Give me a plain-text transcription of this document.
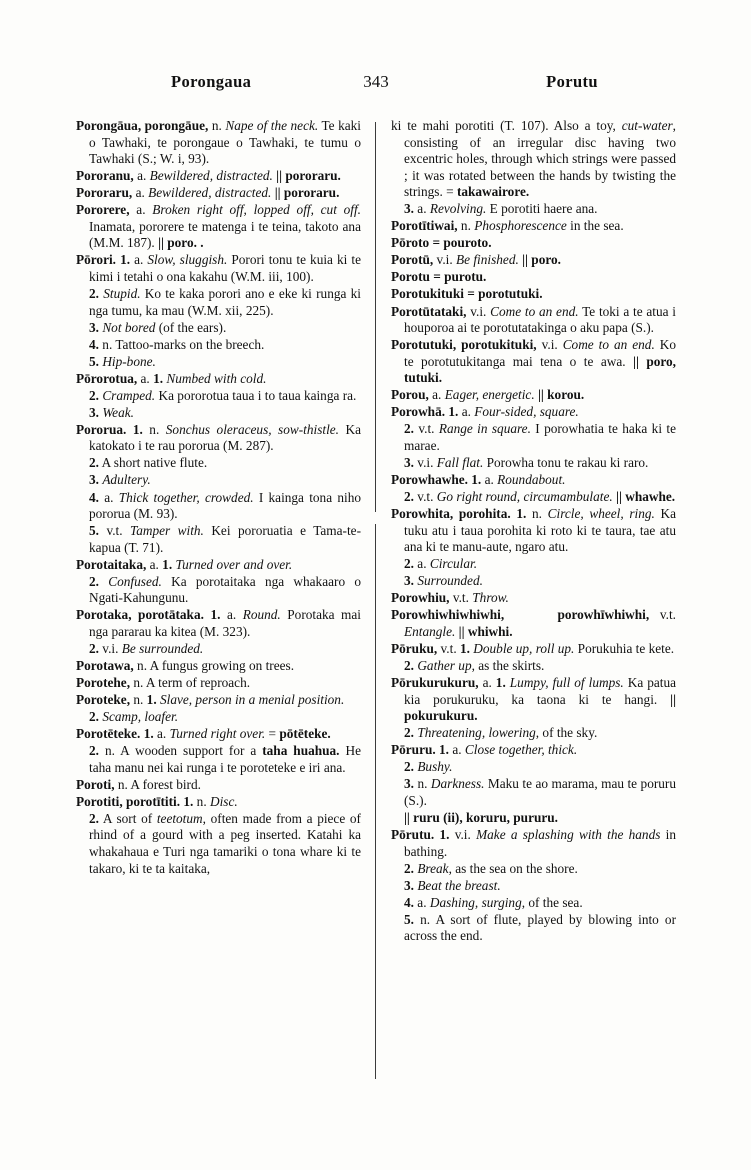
Porongaua	343	Porutu

Porongāua, porongāue, n. Nape of the neck. Te kaki o Tawhaki, te porongaue o Tawhaki, te tumu o Tawhaki (S.; W. i, 93).

Pororanu, a. Bewildered, distracted. || pororaru.

Pororaru, a. Bewildered, distracted. || pororaru.

Pororere, a. Broken right off, lopped off, cut off. Inamata, pororere te matenga i te teina, takoto ana (M.M. 187). || poro. .

Pōrori. 1. a. Slow, sluggish. Porori tonu te kuia ki te kimi i tetahi o ona kakahu (W.M. iii, 100).

2. Stupid. Ko te kaka porori ano e eke ki runga ki nga tumu, ka mau (W.M. xii, 225).

3. Not bored (of the ears).

4. n. Tattoo-marks on the breech.

5. Hip-bone.

Pōrorotua, a. 1. Numbed with cold.

2. Cramped. Ka pororotua taua i to taua kainga ra.

3. Weak.

Pororua. 1. n. Sonchus oleraceus, sow-thistle. Ka katokato i te rau pororua (M. 287).

2. A short native flute.

3. Adultery.

4. a. Thick together, crowded. I kainga tona niho pororua (M. 93).

5. v.t. Tamper with. Kei pororuatia e Tama-te-kapua (T. 71).

Porotaitaka, a. 1. Turned over and over.

2. Confused. Ka porotaitaka nga whakaaro o Ngati-Kahungunu.

Porotaka, porotātaka. 1. a. Round. Porotaka mai nga pararau ka kitea (M. 323).

2. v.i. Be surrounded.

Porotawa, n. A fungus growing on trees.

Porotehe, n. A term of reproach.

Poroteke, n. 1. Slave, person in a menial position.

2. Scamp, loafer.

Porotēteke. 1. a. Turned right over. = pōtēteke.

2. n. A wooden support for a taha huahua. He taha manu nei kai runga i te poroteteke e iri ana.

Poroti, n. A forest bird.

Porotiti, porotītiti. 1. n. Disc.

2. A sort of teetotum, often made from a piece of rhind of a gourd with a peg inserted. Katahi ka whakahaua e Turi nga tamariki o tona whare ki te takaro, ki te ta kaitaka,

ki te mahi porotiti (T. 107). Also a toy, cut-water, consisting of an irregular disc having two excentric holes, through which strings were passed ; it was rotated between the hands by twisting the strings. = takawairore.

3. a. Revolving. E porotiti haere ana.

Porotītiwai, n. Phosphorescence in the sea.

Pōroto = pouroto.

Porotū, v.i. Be finished. || poro.

Porotu = purotu.

Porotukituki = porotutuki.

Porotūtataki, v.i. Come to an end. Te toki a te atua i houporoa ai te porotutatakinga o aku papa (S.).

Porotutuki, porotukituki, v.i. Come to an end. Ko te porotutukitanga mai tena o te awa. || poro, tutuki.

Porou, a. Eager, energetic. || korou.

Porowhā. 1. a. Four-sided, square.

2. v.t. Range in square. I porowhatia te haka ki te marae.

3. v.i. Fall flat. Porowha tonu te rakau ki raro.

Porowhawhe. 1. a. Roundabout.

2. v.t. Go right round, circumambulate. || whawhe.

Porowhita, porohita. 1. n. Circle, wheel, ring. Ka tuku atu i taua porohita ki roto ki te taura, tae atu ana ki te manu-aute, ngaro atu.

2. a. Circular.

3. Surrounded.

Porowhiu, v.t. Throw.

Porowhiwhiwhiwhi,     porowhīwhiwhi, v.t. Entangle. || whiwhi.

Pōruku, v.t. 1. Double up, roll up. Porukuhia te kete.

2. Gather up, as the skirts.

Pōrukurukuru, a. 1. Lumpy, full of lumps. Ka patua kia porukuruku, ka taona ki te hangi. || pokurukuru.

2. Threatening, lowering, of the sky.

Pōruru. 1. a. Close together, thick.

2. Bushy.

3. n. Darkness. Maku te ao marama, mau te poruru (S.).

|| ruru (ii), koruru, pururu.

Pōrutu. 1. v.i. Make a splashing with the hands in bathing.

2. Break, as the sea on the shore.

3. Beat the breast.

4. a. Dashing, surging, of the sea.

5. n. A sort of flute, played by blowing into or across the end.
